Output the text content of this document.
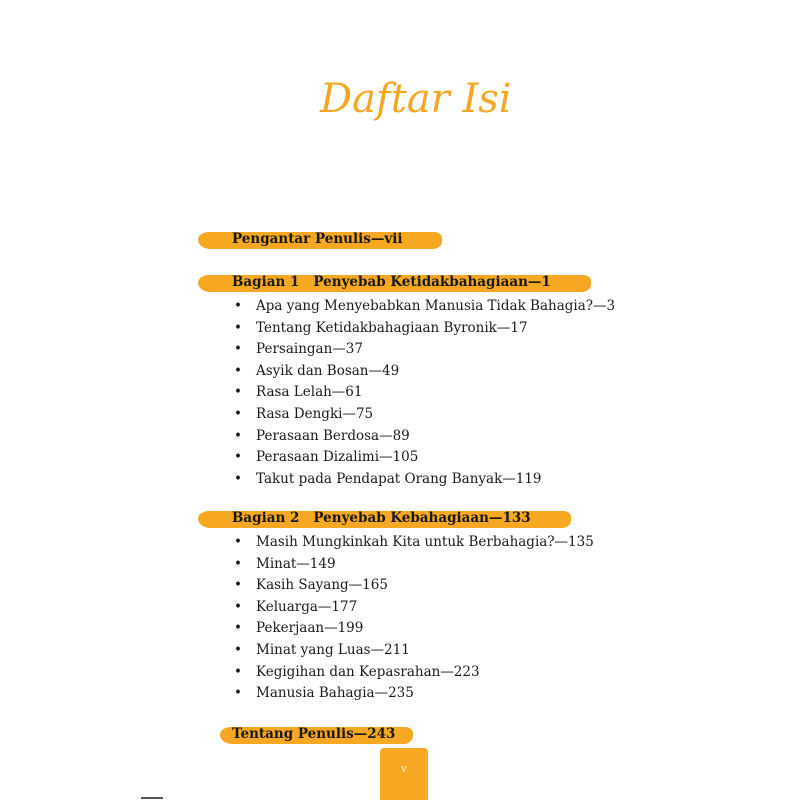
Daftar Isi
Pengantar Penulis—vii
Bagian 1 Penyebab Ketidakbahagiaan—1
• Apa yang Menyebabkan Manusia Tidak Bahagia?—3
• Tentang Ketidakbahagiaan Byronik—17
• Persaingan—37
• Asyik dan Bosan—49
• Rasa Lelah—61
• Rasa Dengki—75
• Perasaan Berdosa—89
• Perasaan Dizalimi—105
• Takut pada Pendapat Orang Banyak—119
Bagian 2 Penyebab Kebahagiaan—133
• Masih Mungkinkah Kita untuk Berbahagia?—135
• Minat—149
• Kasih Sayang—165
• Keluarga—177
• Pekerjaan—199
• Minat yang Luas—211
• Kegigihan dan Kepasrahan—223
• Manusia Bahagia—235
Tentang Penulis—243
v
